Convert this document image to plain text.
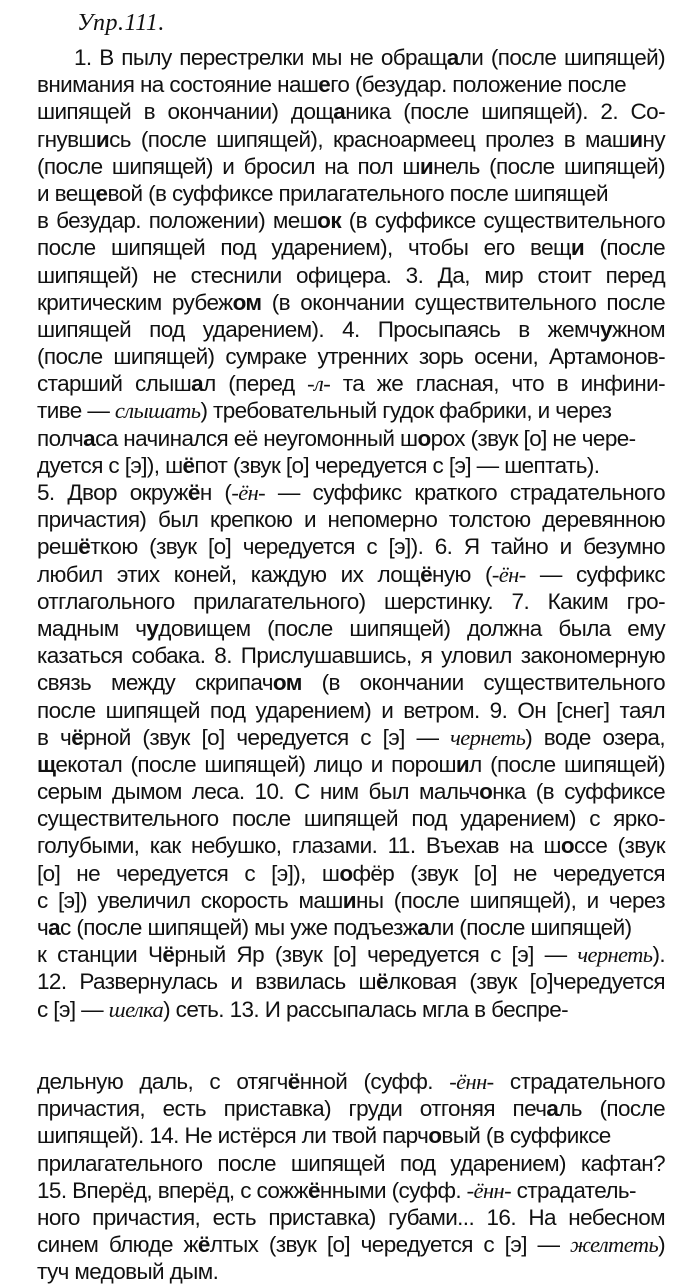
Упр.111.
1. В пылу перестрелки мы не обращали (после шипящей)
внимания на состояние нашего (безудар. положение после
шипящей в окончании) дощаника (после шипящей). 2. Со-
гнувшись (после шипящей), красноармеец пролез в машину
(после шипящей) и бросил на пол шинель (после шипящей)
и вещевой (в суффиксе прилагательного после шипящей
в безудар. положении) мешок (в суффиксе существительного
после шипящей под ударением), чтобы его вещи (после
шипящей) не стеснили офицера. 3. Да, мир стоит перед
критическим рубежом (в окончании существительного после
шипящей под ударением). 4. Просыпаясь в жемчужном
(после шипящей) сумраке утренних зорь осени, Артамонов-
старший слышал (перед -л- та же гласная, что в инфини-
тиве — слышать) требовательный гудок фабрики, и через
полчаса начинался её неугомонный шорох (звук [о] не чере-
дуется с [э]), шёпот (звук [о] чередуется с [э] — шептать).
5. Двор окружён (-ён- — суффикс краткого страдательного
причастия) был крепкою и непомерно толстою деревянною
решёткою (звук [о] чередуется с [э]). 6. Я тайно и безумно
любил этих коней, каждую их лощёную (-ён- — суффикс
отглагольного прилагательного) шерстинку. 7. Каким гро-
мадным чудовищем (после шипящей) должна была ему
казаться собака. 8. Прислушавшись, я уловил закономерную
связь между скрипачом (в окончании существительного
после шипящей под ударением) и ветром. 9. Он [снег] таял
в чёрной (звук [о] чередуется с [э] — чернеть) воде озера,
щекотал (после шипящей) лицо и порошил (после шипящей)
серым дымом леса. 10. С ним был мальчонка (в суффиксе
существительного после шипящей под ударением) с ярко-
голубыми, как небушко, глазами. 11. Въехав на шоссе (звук
[о] не чередуется с [э]), шофёр (звук [о] не чередуется
с [э]) увеличил скорость машины (после шипящей), и через
час (после шипящей) мы уже подъезжали (после шипящей)
к станции Чёрный Яр (звук [о] чередуется с [э] — чернеть).
12. Развернулась и взвилась шёлковая (звук [о]чередуется
с [э] — шелка) сеть. 13. И рассыпалась мгла в беспре-
дельную даль, с отягчённой (суфф. -ённ- страдательного
причастия, есть приставка) груди отгоняя печаль (после
шипящей). 14. Не истёрся ли твой парчовый (в суффиксе
прилагательного после шипящей под ударением) кафтан?
15. Вперёд, вперёд, с сожжёнными (суфф. -ённ- страдатель-
ного причастия, есть приставка) губами... 16. На небесном
синем блюде жёлтых (звук [о] чередуется с [э] — желтеть)
туч медовый дым.
